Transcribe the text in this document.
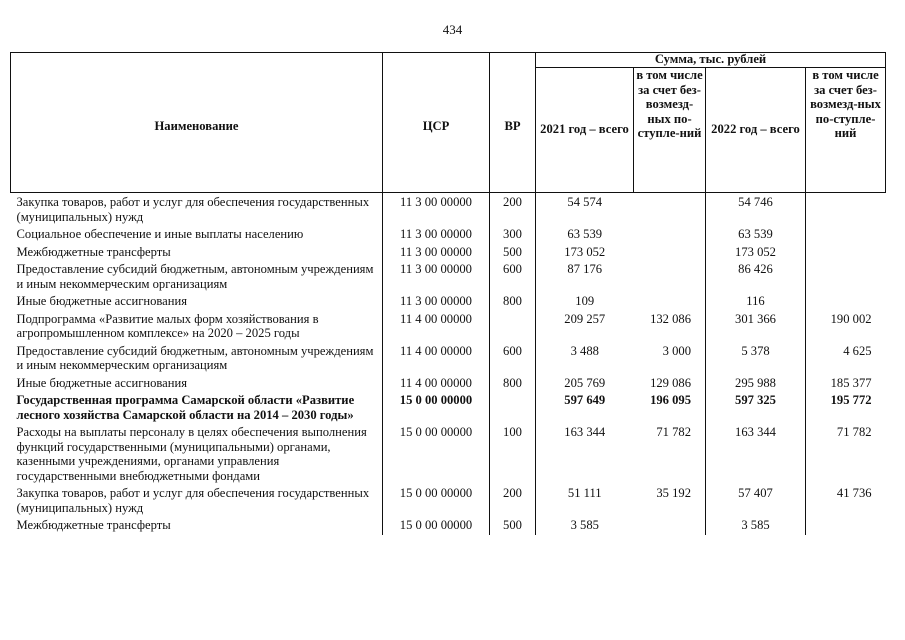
434
Наименование	ЦСР	ВР	Сумма, тыс. рублей			
			2021 год – всего	в том числе за счет без-возмезд-ных по-ступле-ний	2022 год – всего	в том числе за счет без-возмезд-ных по-ступле-ний
Закупка товаров, работ и услуг для обеспечения государственных (муниципальных) нужд	11 3 00 00000	200	54 574		54 746	
Социальное обеспечение и иные выплаты населению	11 3 00 00000	300	63 539		63 539	
Межбюджетные трансферты	11 3 00 00000	500	173 052		173 052	
Предоставление субсидий бюджетным, автономным учреждениям и иным некоммерческим организациям	11 3 00 00000	600	87 176		86 426	
Иные бюджетные ассигнования	11 3 00 00000	800	109		116	
Подпрограмма «Развитие малых форм хозяйствования в агропромышленном комплексе» на 2020 – 2025 годы	11 4 00 00000		209 257	132 086	301 366	190 002
Предоставление субсидий бюджетным, автономным учреждениям и иным некоммерческим организациям	11 4 00 00000	600	3 488	3 000	5 378	4 625
Иные бюджетные ассигнования	11 4 00 00000	800	205 769	129 086	295 988	185 377
Государственная программа Самарской области «Развитие лесного хозяйства Самарской области на 2014 – 2030 годы»	15 0 00 00000		597 649	196 095	597 325	195 772
Расходы на выплаты персоналу в целях обеспечения выполнения функций государственными (муниципальными) органами, казенными учреждениями, органами управления государственными внебюджетными фондами	15 0 00 00000	100	163 344	71 782	163 344	71 782
Закупка товаров, работ и услуг для обеспечения государственных (муниципальных) нужд	15 0 00 00000	200	51 111	35 192	57 407	41 736
Межбюджетные трансферты	15 0 00 00000	500	3 585		3 585	
